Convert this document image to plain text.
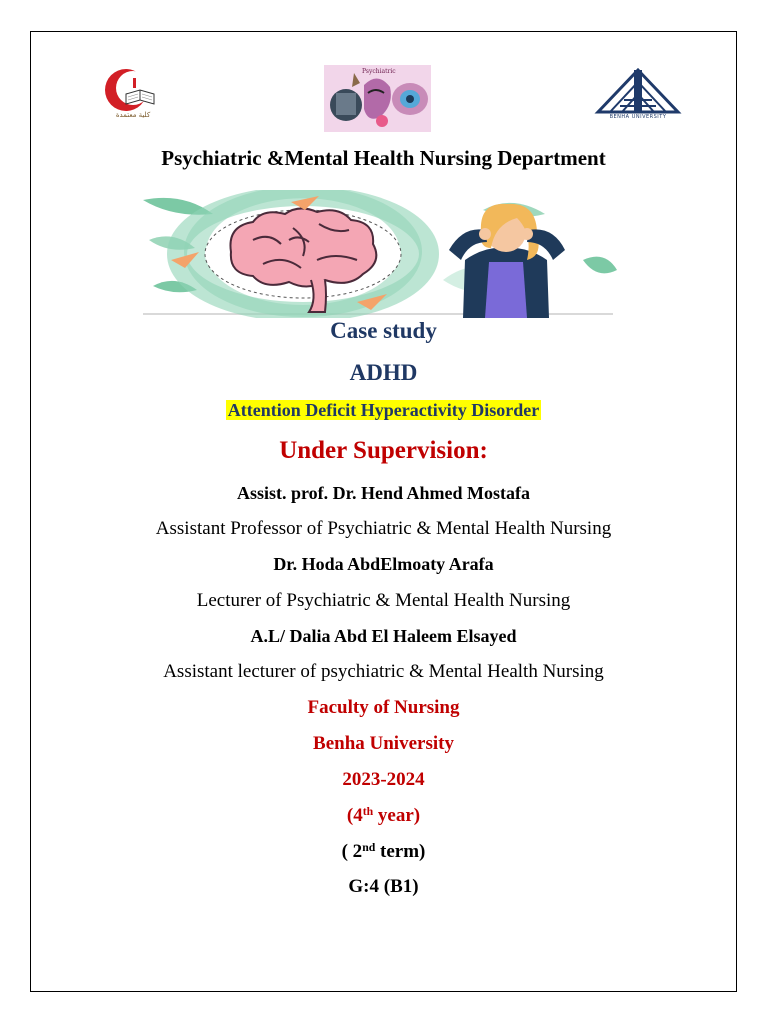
كلية معتمدة
Psychiatric
BENHA UNIVERSITY
Psychiatric &Mental Health Nursing Department
Case study
ADHD
Attention Deficit Hyperactivity Disorder
Under Supervision:
Assist. prof. Dr. Hend Ahmed Mostafa
Assistant Professor of Psychiatric & Mental Health Nursing
Dr. Hoda AbdElmoaty Arafa
Lecturer of Psychiatric & Mental Health Nursing
A.L/ Dalia Abd El Haleem Elsayed
Assistant lecturer of psychiatric & Mental Health Nursing
Faculty of Nursing
Benha University
2023-2024
(4th year)
( 2nd term)
G:4 (B1)
